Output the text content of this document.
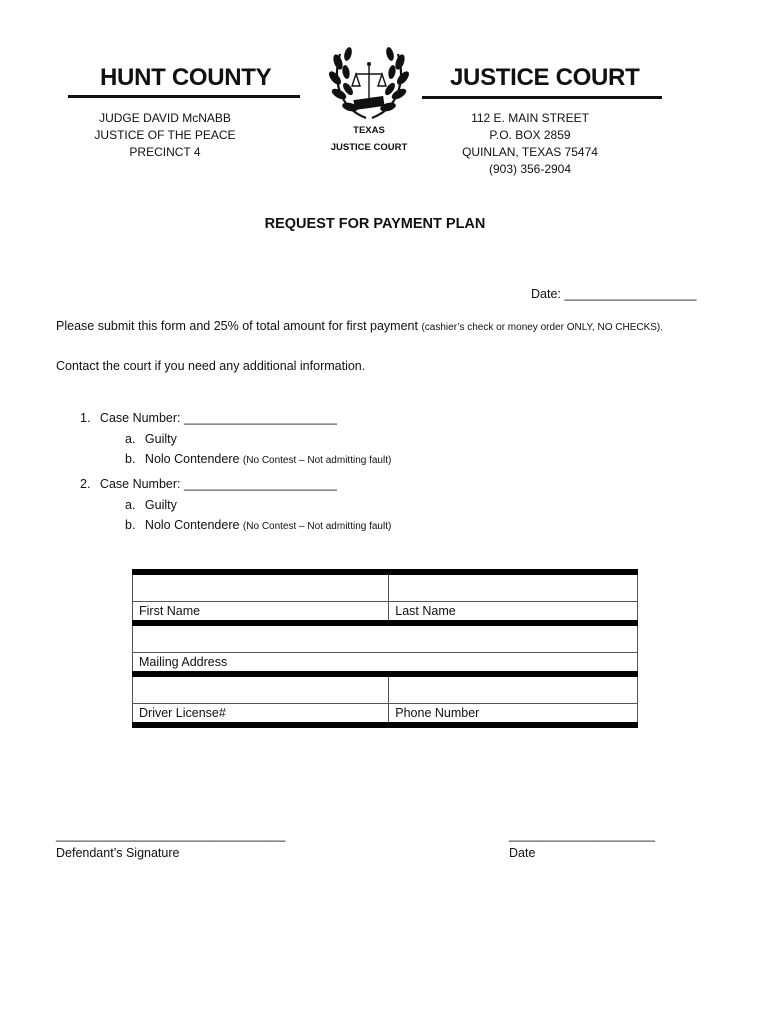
HUNT COUNTY	JUSTICE COURT
JUDGE DAVID McNABB
JUSTICE OF THE PEACE
PRECINCT 4
112 E. MAIN STREET
P.O. BOX 2859
QUINLAN, TEXAS 75474
(903) 356-2904
TEXAS
JUSTICE COURT
REQUEST FOR PAYMENT PLAN
Date: ___________________
Please submit this form and 25% of total amount for first payment (cashier’s check or money order ONLY, NO CHECKS).
Contact the court if you need any additional information.
1. Case Number: ______________________
a. Guilty
b. Nolo Contendere (No Contest – Not admitting fault)
2. Case Number: ______________________
a. Guilty
b. Nolo Contendere (No Contest – Not admitting fault)

First Name	Last Name

Mailing Address	

Driver License#	Phone Number
_________________________________
Defendant’s Signature
_____________________
Date
